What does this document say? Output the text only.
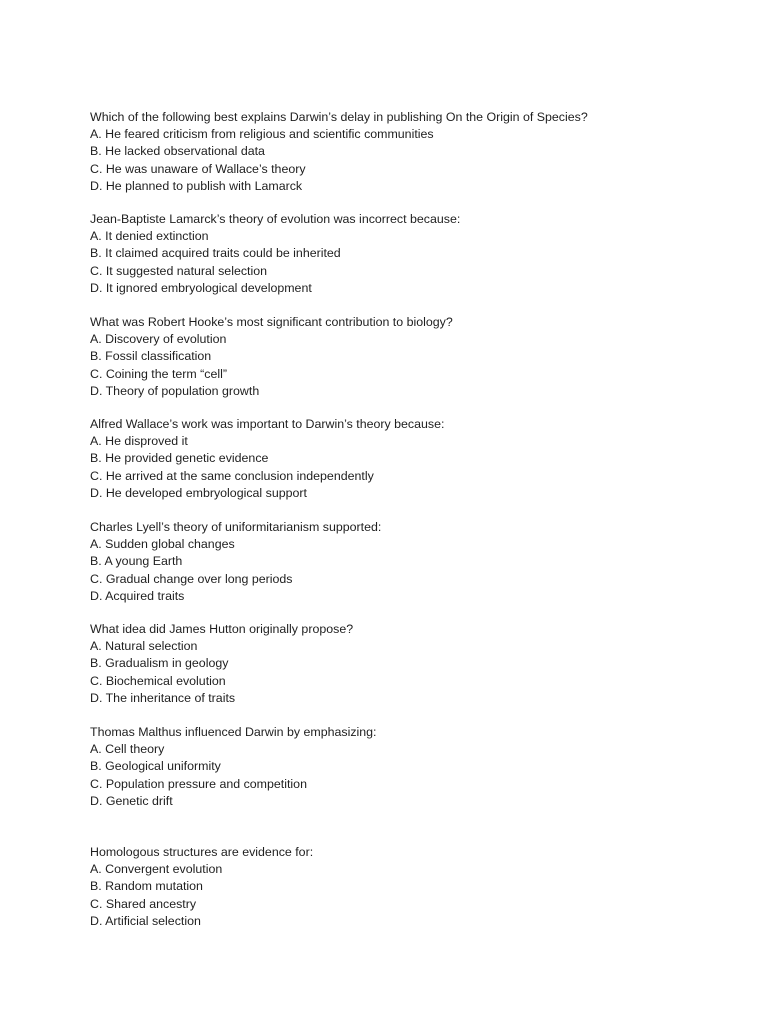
Which of the following best explains Darwin’s delay in publishing On the Origin of Species?
A. He feared criticism from religious and scientific communities
B. He lacked observational data
C. He was unaware of Wallace’s theory
D. He planned to publish with Lamarck
Jean-Baptiste Lamarck’s theory of evolution was incorrect because:
A. It denied extinction
B. It claimed acquired traits could be inherited
C. It suggested natural selection
D. It ignored embryological development
What was Robert Hooke’s most significant contribution to biology?
A. Discovery of evolution
B. Fossil classification
C. Coining the term “cell”
D. Theory of population growth
Alfred Wallace’s work was important to Darwin’s theory because:
A. He disproved it
B. He provided genetic evidence
C. He arrived at the same conclusion independently
D. He developed embryological support
Charles Lyell’s theory of uniformitarianism supported:
A. Sudden global changes
B. A young Earth
C. Gradual change over long periods
D. Acquired traits
What idea did James Hutton originally propose?
A. Natural selection
B. Gradualism in geology
C. Biochemical evolution
D. The inheritance of traits
Thomas Malthus influenced Darwin by emphasizing:
A. Cell theory
B. Geological uniformity
C. Population pressure and competition
D. Genetic drift
Homologous structures are evidence for:
A. Convergent evolution
B. Random mutation
C. Shared ancestry
D. Artificial selection
